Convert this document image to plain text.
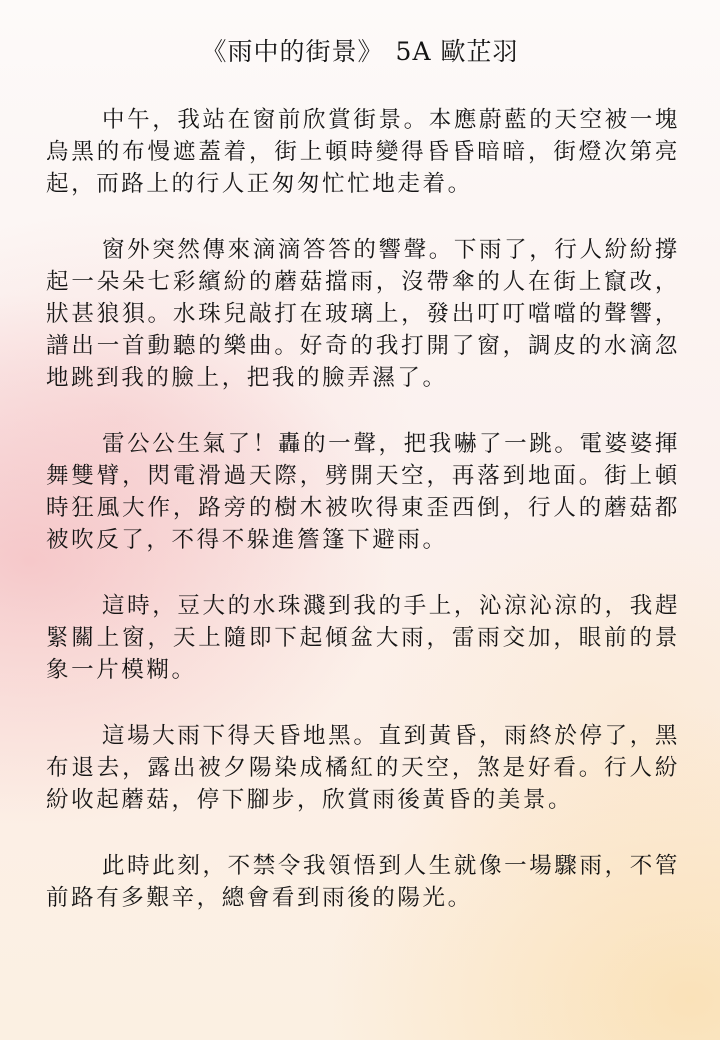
《雨中的街景》 5A 歐芷羽

中午，我站在窗前欣賞街景。本應蔚藍的天空被一塊烏黑的布慢遮蓋着，街上頓時變得昏昏暗暗，街燈次第亮起，而路上的行人正匆匆忙忙地走着。

窗外突然傳來滴滴答答的響聲。下雨了，行人紛紛撐起一朵朵七彩繽紛的蘑菇擋雨，沒帶傘的人在街上竄改，狀甚狼狽。水珠兒敲打在玻璃上，發出叮叮噹噹的聲響，譜出一首動聽的樂曲。好奇的我打開了窗，調皮的水滴忽地跳到我的臉上，把我的臉弄濕了。

雷公公生氣了！轟的一聲，把我嚇了一跳。電婆婆揮舞雙臂，閃電滑過天際，劈開天空，再落到地面。街上頓時狂風大作，路旁的樹木被吹得東歪西倒，行人的蘑菇都被吹反了，不得不躲進簷篷下避雨。

這時，豆大的水珠濺到我的手上，沁涼沁涼的，我趕緊關上窗，天上隨即下起傾盆大雨，雷雨交加，眼前的景象一片模糊。

這場大雨下得天昏地黑。直到黃昏，雨終於停了，黑布退去，露出被夕陽染成橘紅的天空，煞是好看。行人紛紛收起蘑菇，停下腳步，欣賞雨後黃昏的美景。

此時此刻，不禁令我領悟到人生就像一場驟雨，不管前路有多艱辛，總會看到雨後的陽光。
